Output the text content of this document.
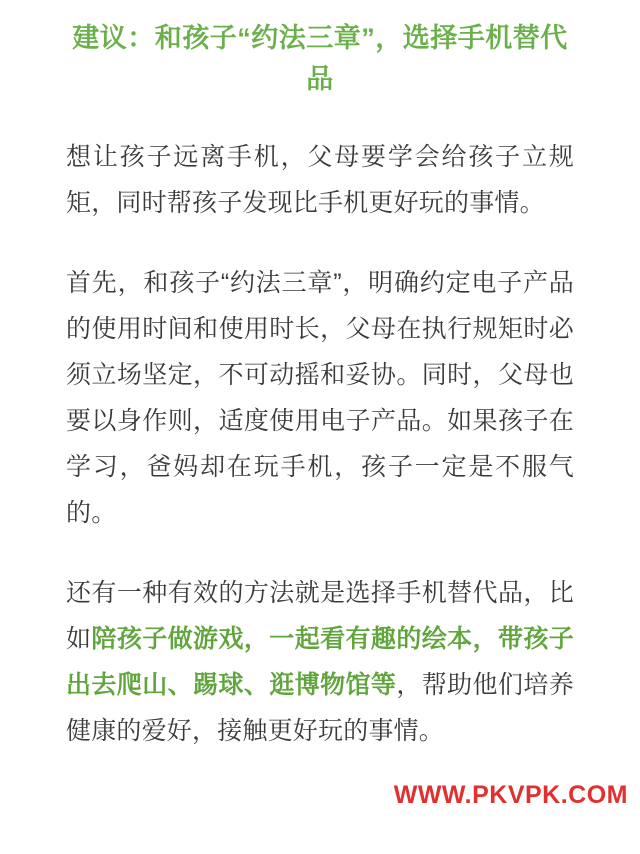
建议：和孩子“约法三章”，选择手机替代品

想让孩子远离手机，父母要学会给孩子立规矩，同时帮孩子发现比手机更好玩的事情。

首先，和孩子“约法三章”，明确约定电子产品的使用时间和使用时长，父母在执行规矩时必须立场坚定，不可动摇和妥协。同时，父母也要以身作则，适度使用电子产品。如果孩子在学习，爸妈却在玩手机，孩子一定是不服气的。

还有一种有效的方法就是选择手机替代品，比如陪孩子做游戏，一起看有趣的绘本，带孩子出去爬山、踢球、逛博物馆等，帮助他们培养健康的爱好，接触更好玩的事情。

WWW.PKVPK.COM
